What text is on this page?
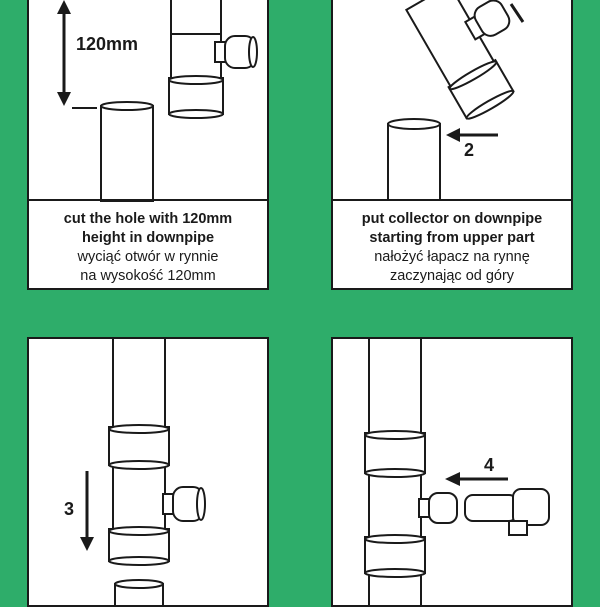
120mm
cut the hole with 120mm
height in downpipe
wyciąć otwór w rynnie
na wysokość 120mm
2
put collector on downpipe
starting from upper part
nałożyć łapacz na rynnę
zaczynając od góry
3
4
